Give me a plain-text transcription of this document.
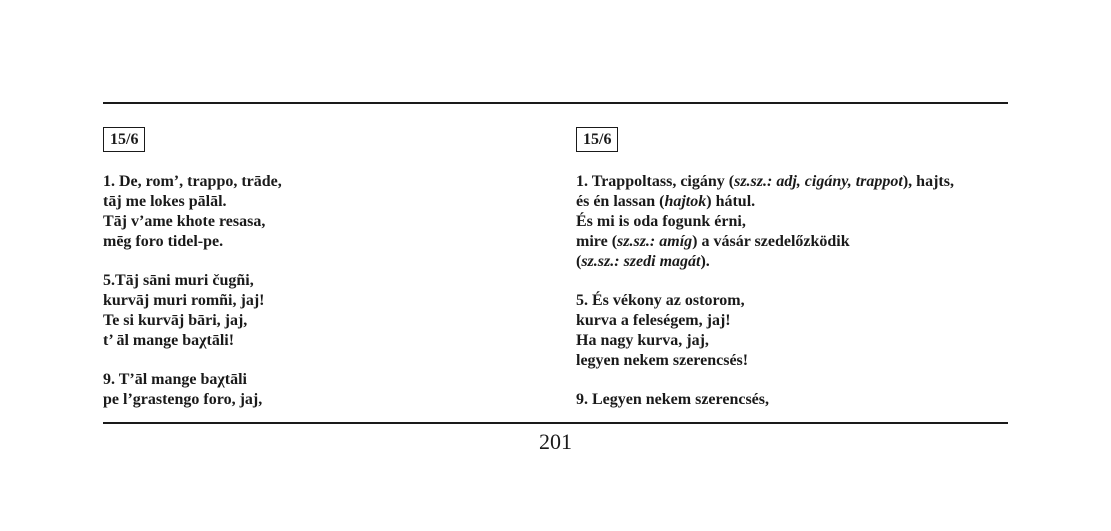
15/6
1. De, rom’, trappo, trāde,
tāj me lokes pālāl.
Tāj v’ame khote resasa,
mēg foro tidel-pe.
5.Tāj sāni muri čugñi,
kurvāj muri romñi, jaj!
Te si kurvāj bāri, jaj,
t’ āl mange baχtāli!
9. T’āl mange baχtāli
pe l’grastengo foro, jaj,
15/6
1. Trappoltass, cigány (sz.sz.: adj, cigány, trappot), hajts,
és én lassan (hajtok) hátul.
És mi is oda fogunk érni,
mire (sz.sz.: amíg) a vásár szedelőzködik
(sz.sz.: szedi magát).
5. És vékony az ostorom,
kurva a feleségem, jaj!
Ha nagy kurva, jaj,
legyen nekem szerencsés!
9. Legyen nekem szerencsés,
201
